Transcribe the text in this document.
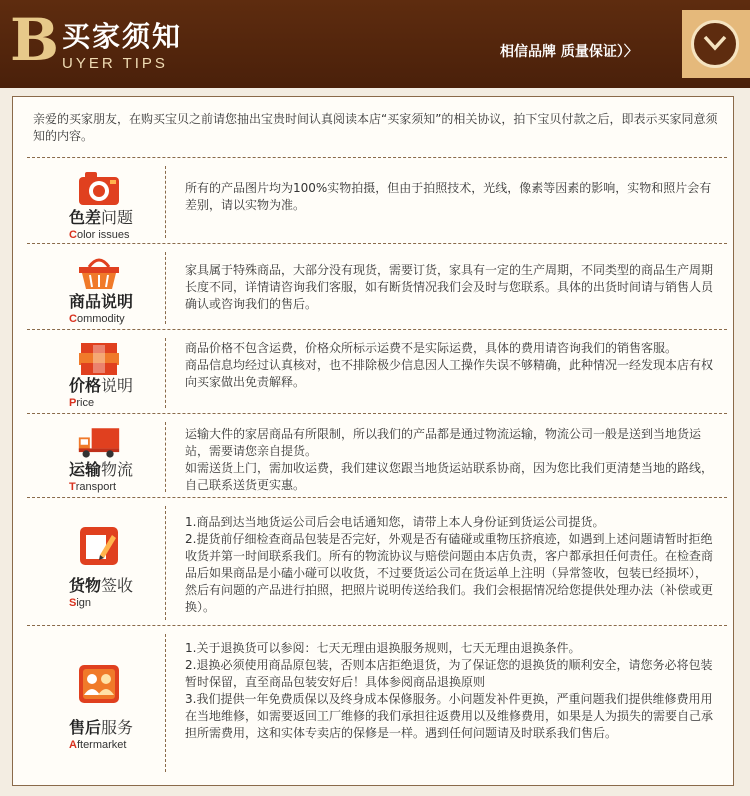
B 买家须知
UYER TIPS
相信品牌 质量保证）〉
亲爱的买家朋友，在购买宝贝之前请您抽出宝贵时间认真阅读本店“买家须知”的相关协议，拍下宝贝付款之后，即表示买家同意须知的内容。
色差问题
Color issues
所有的产品图片均为100%实物拍摄，但由于拍照技术，光线，像素等因素的影响，实物和照片会有差别，请以实物为准。
商品说明
Commodity
家具属于特殊商品，大部分没有现货，需要订货，家具有一定的生产周期，不同类型的商品生产周期长度不同，详情请咨询我们客服，如有断货情况我们会及时与您联系。具体的出货时间请与销售人员确认或咨询我们的售后。
价格说明
Price
商品价格不包含运费，价格众所标示运费不是实际运费，具体的费用请咨询我们的销售客服。
商品信息均经过认真核对，也不排除极少信息因人工操作失误不够精确，此种情况一经发现本店有权向买家做出免责解释。
运输物流
Transport
运输大件的家居商品有所限制，所以我们的产品都是通过物流运输，物流公司一般是送到当地货运站，需要请您亲自提货。
如需送货上门，需加收运费，我们建议您跟当地货运站联系协商，因为您比我们更清楚当地的路线，自己联系送货更实惠。
货物签收
Sign
1.商品到达当地货运公司后会电话通知您，请带上本人身份证到货运公司提货。
2.提货前仔细检查商品包装是否完好，外观是否有磕碰或重物压挤痕迹，如遇到上述问题请暂时拒绝收货并第一时间联系我们。所有的物流协议与赔偿问题由本店负责，客户都承担任何责任。在检查商品后如果商品是小磕小碰可以收货，不过要货运公司在货运单上注明（异常签收，包装已经损坏），然后有问题的产品进行拍照，把照片说明传送给我们。我们会根据情况给您提供处理办法（补偿或更换）。
售后服务
Aftermarket
1.关于退换货可以参阅：七天无理由退换服务规则，七天无理由退换条件。
2.退换必须使用商品原包装，否则本店拒绝退货，为了保证您的退换货的顺利安全，请您务必将包装暂时保留，直至商品包装安好后！具体参阅商品退换原则
3.我们提供一年免费质保以及终身成本保修服务。小问题发补件更换，严重问题我们提供维修费用用在当地维修，如需要返回工厂维修的我们承担往返费用以及维修费用，如果是人为损失的需要自己承担所需费用，这和实体专卖店的保修是一样。遇到任何问题请及时联系我们售后。
